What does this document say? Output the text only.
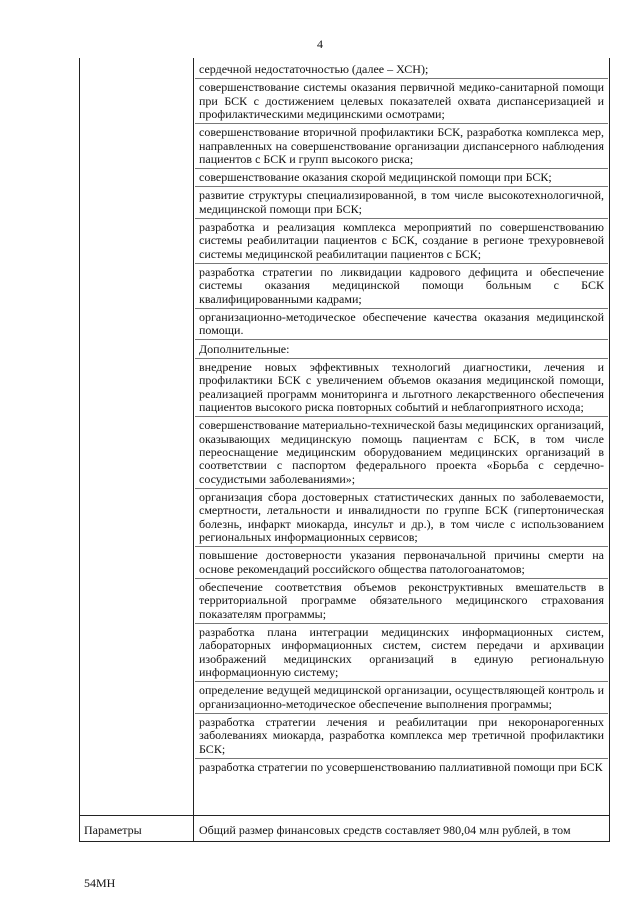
4
сердечной недостаточностью (далее – ХСН);
совершенствование системы оказания первичной медико-санитарной помощи при БСК с достижением целевых показателей охвата диспансеризацией и профилактическими медицинскими осмотрами;
совершенствование вторичной профилактики БСК, разработка комплекса мер, направленных на совершенствование организации диспансерного наблюдения пациентов с БСК и групп высокого риска;
совершенствование оказания скорой медицинской помощи при БСК;
развитие структуры специализированной, в том числе высокотехнологичной, медицинской помощи при БСК;
разработка и реализация комплекса мероприятий по совершенствованию системы реабилитации пациентов с БСК, создание в регионе трехуровневой системы медицинской реабилитации пациентов с БСК;
разработка стратегии по ликвидации кадрового дефицита и обеспечение системы оказания медицинской помощи больным с БСК квалифицированными кадрами;
организационно-методическое обеспечение качества оказания медицинской помощи.
Дополнительные:
внедрение новых эффективных технологий диагностики, лечения и профилактики БСК с увеличением объемов оказания медицинской помощи, реализацией программ мониторинга и льготного лекарственного обеспечения пациентов высокого риска повторных событий и неблагоприятного исхода;
совершенствование материально-технической базы медицинских организаций, оказывающих медицинскую помощь пациентам с БСК, в том числе переоснащение медицинским оборудованием медицинских организаций в соответствии с паспортом федерального проекта «Борьба с сердечно-сосудистыми заболеваниями»;
организация сбора достоверных статистических данных по заболеваемости, смертности, летальности и инвалидности по группе БСК (гипертоническая болезнь, инфаркт миокарда, инсульт и др.), в том числе с использованием региональных информационных сервисов;
повышение достоверности указания первоначальной причины смерти на основе рекомендаций российского общества патологоанатомов;
обеспечение соответствия объемов реконструктивных вмешательств в территориальной программе обязательного медицинского страхования показателям программы;
разработка плана интеграции медицинских информационных систем, лабораторных информационных систем, систем передачи и архивации изображений медицинских организаций в единую региональную информационную систему;
определение ведущей медицинской организации, осуществляющей контроль и организационно-методическое обеспечение выполнения программы;
разработка стратегии лечения и реабилитации при некоронарогенных заболеваниях миокарда, разработка комплекса мер третичной профилактики БСК;
разработка стратегии по усовершенствованию паллиативной помощи при БСК
Параметры	Общий размер финансовых средств составляет 980,04 млн рублей, в том
54МН
